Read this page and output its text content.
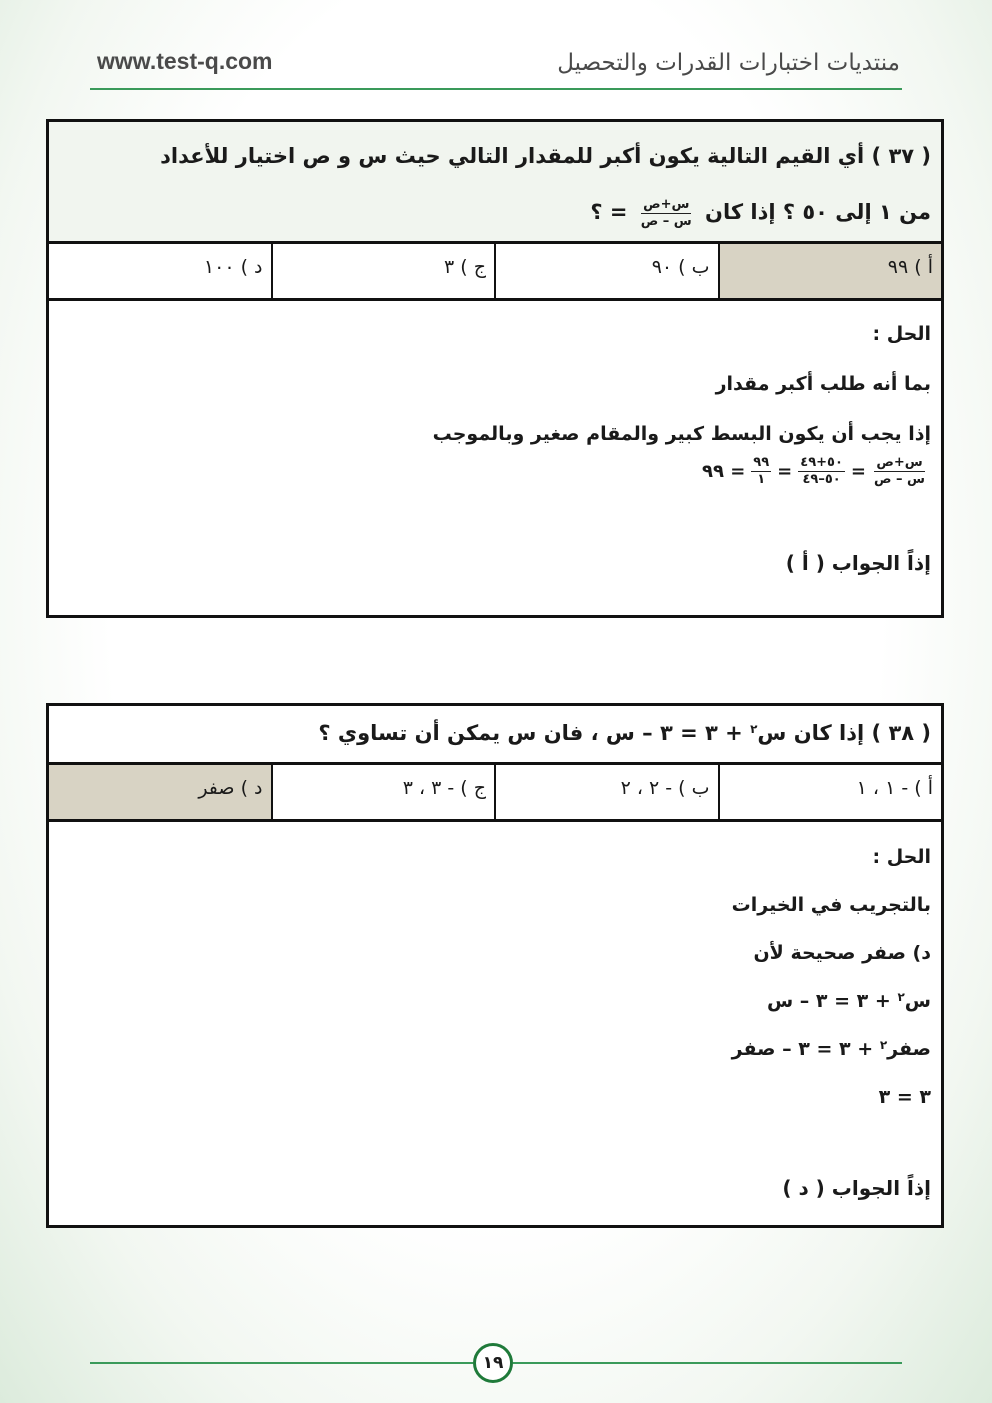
www.test-q.com	منتديات اختبارات القدرات والتحصيل
( ٣٧ ) أي القيم التالية يكون أكبر للمقدار التالي حيث س و ص اختيار للأعداد
من ١ إلى ٥٠ ؟ إذا كان
$\frac{\text{س+ص}}{\text{س – ص}}$
= ؟
أ ) ٩٩
ب ) ٩٠
ج ) ٣
د ) ١٠٠

الحل :

بما أنه طلب أكبر مقدار

إذا يجب أن يكون البسط كبير والمقام صغير وبالموجب

$\frac{\text{س+ص}}{\text{س – ص}}$
=
$\frac{٥٠+٤٩}{٥٠-٤٩}$
=
$\frac{٩٩}{١}$
= ٩٩
إذاً الجواب ( أ )
( ٣٨ ) إذا كان س$^٢$ + ٣ = ٣ – س ، فان س يمكن أن تساوي ؟
أ ) - ١ ، ١
ب ) - ٢ ، ٢
ج ) - ٣ ، ٣
د ) صفر

الحل :

بالتجريب في الخيرات

د) صفر صحيحة لأن

س$^٢$ + ٣ = ٣ – س

صفر$^٢$ + ٣ = ٣ – صفر

٣ = ٣

إذاً الجواب ( د )
١٩
